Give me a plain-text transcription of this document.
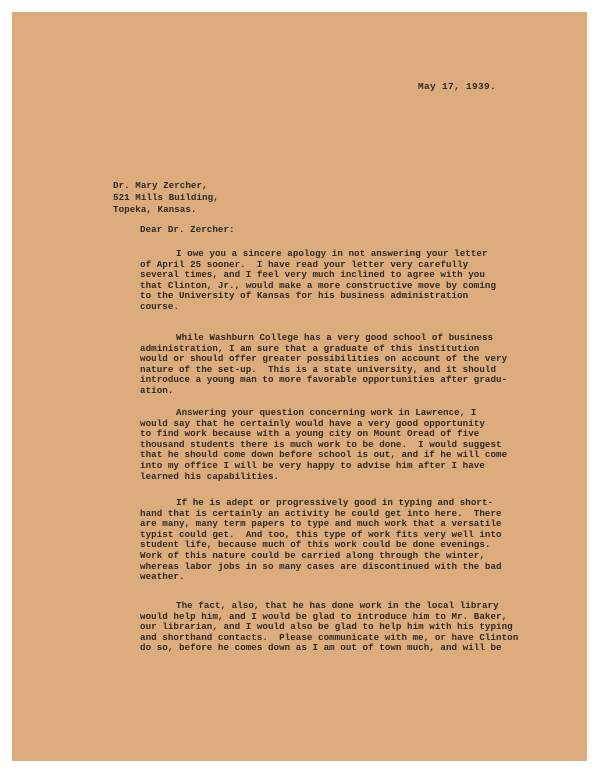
May 17, 1939.
Dr. Mary Zercher,
521 Mills Building,
Topeka, Kansas.
Dear Dr. Zercher:
I owe you a sincere apology in not answering your letter
of April 25 sooner.  I have read your letter very carefully
several times, and I feel very much inclined to agree with you
that Clinton, Jr., would make a more constructive move by coming
to the University of Kansas for his business administration
course.
While Washburn College has a very good school of business
administration, I am sure that a graduate of this institution
would or should offer greater possibilities on account of the very
nature of the set-up.  This is a state university, and it should
introduce a young man to more favorable opportunities after gradu-
ation.
Answering your question concerning work in Lawrence, I
would say that he certainly would have a very good opportunity
to find work because with a young city on Mount Oread of five
thousand students there is much work to be done.  I would suggest
that he should come down before school is out, and if he will come
into my office I will be very happy to advise him after I have
learned his capabilities.
If he is adept or progressively good in typing and short-
hand that is certainly an activity he could get into here.  There
are many, many term papers to type and much work that a versatile
typist could get.  And too, this type of work fits very well into
student life, because much of this work could be done evenings.
Work of this nature could be carried along through the winter,
whereas labor jobs in so many cases are discontinued with the bad
weather.
The fact, also, that he has done work in the local library
would help him, and I would be glad to introduce him to Mr. Baker,
our librarian, and I would also be glad to help him with his typing
and shorthand contacts.  Please communicate with me, or have Clinton
do so, before he comes down as I am out of town much, and will be
